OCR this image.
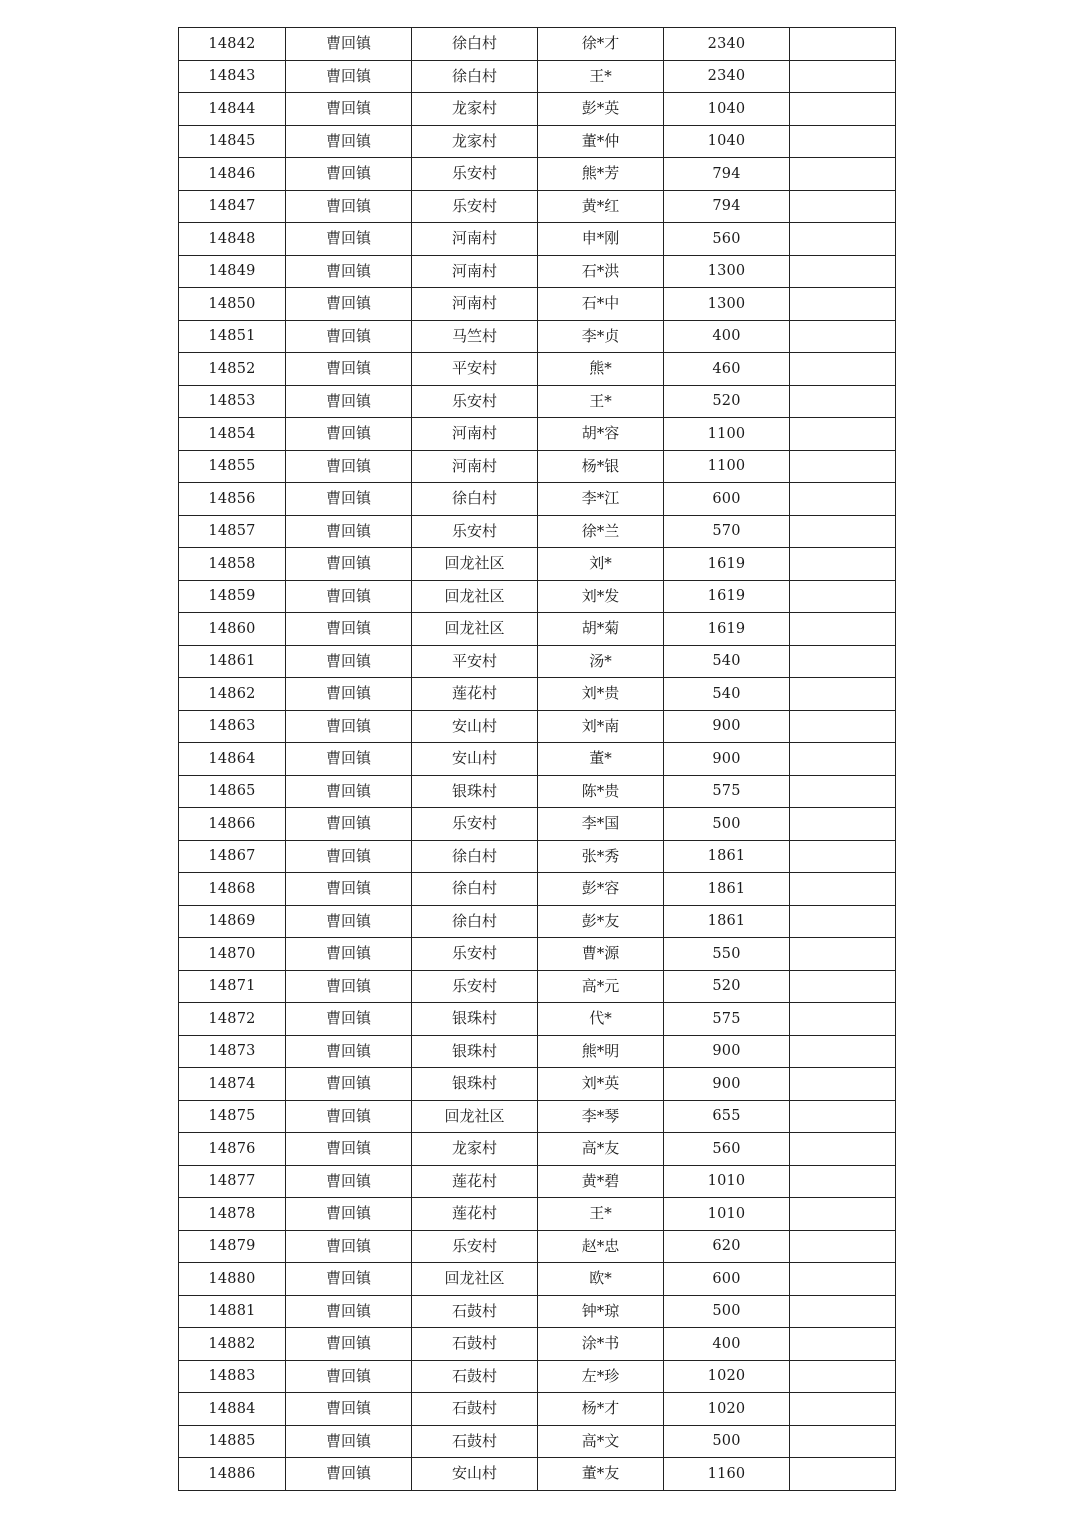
14842	曹回镇	徐白村	徐*才	2340	
14843	曹回镇	徐白村	王*	2340	
14844	曹回镇	龙家村	彭*英	1040	
14845	曹回镇	龙家村	董*仲	1040	
14846	曹回镇	乐安村	熊*芳	794	
14847	曹回镇	乐安村	黄*红	794	
14848	曹回镇	河南村	申*刚	560	
14849	曹回镇	河南村	石*洪	1300	
14850	曹回镇	河南村	石*中	1300	
14851	曹回镇	马竺村	李*贞	400	
14852	曹回镇	平安村	熊*	460	
14853	曹回镇	乐安村	王*	520	
14854	曹回镇	河南村	胡*容	1100	
14855	曹回镇	河南村	杨*银	1100	
14856	曹回镇	徐白村	李*江	600	
14857	曹回镇	乐安村	徐*兰	570	
14858	曹回镇	回龙社区	刘*	1619	
14859	曹回镇	回龙社区	刘*发	1619	
14860	曹回镇	回龙社区	胡*菊	1619	
14861	曹回镇	平安村	汤*	540	
14862	曹回镇	莲花村	刘*贵	540	
14863	曹回镇	安山村	刘*南	900	
14864	曹回镇	安山村	董*	900	
14865	曹回镇	银珠村	陈*贵	575	
14866	曹回镇	乐安村	李*国	500	
14867	曹回镇	徐白村	张*秀	1861	
14868	曹回镇	徐白村	彭*容	1861	
14869	曹回镇	徐白村	彭*友	1861	
14870	曹回镇	乐安村	曹*源	550	
14871	曹回镇	乐安村	高*元	520	
14872	曹回镇	银珠村	代*	575	
14873	曹回镇	银珠村	熊*明	900	
14874	曹回镇	银珠村	刘*英	900	
14875	曹回镇	回龙社区	李*琴	655	
14876	曹回镇	龙家村	高*友	560	
14877	曹回镇	莲花村	黄*碧	1010	
14878	曹回镇	莲花村	王*	1010	
14879	曹回镇	乐安村	赵*忠	620	
14880	曹回镇	回龙社区	欧*	600	
14881	曹回镇	石鼓村	钟*琼	500	
14882	曹回镇	石鼓村	涂*书	400	
14883	曹回镇	石鼓村	左*珍	1020	
14884	曹回镇	石鼓村	杨*才	1020	
14885	曹回镇	石鼓村	高*文	500	
14886	曹回镇	安山村	董*友	1160	
